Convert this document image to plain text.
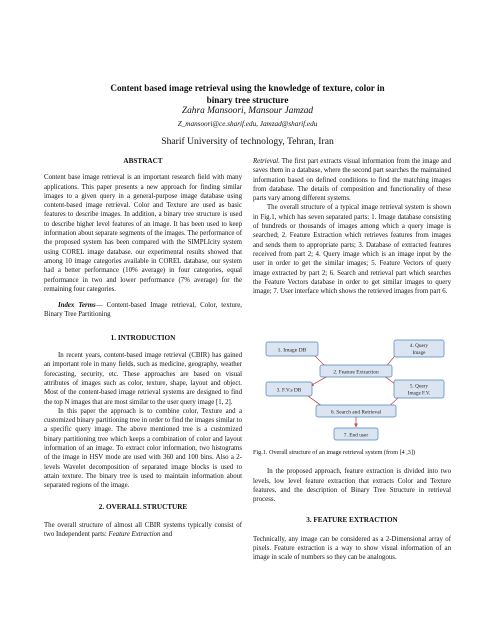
Content based image retrieval using the knowledge of texture, color in
binary tree structure
Zahra Mansoori, Mansour Jamzad
Z_mansoori@ce.sharif.edu, Jamzad@sharif.edu
Sharif University of technology, Tehran, Iran
ABSTRACT

Content base image retrieval is an important research field with many applications. This paper presents a new approach for finding similar images to a given query in a general-purpose image database using content-based image retrieval. Color and Texture are used as basic features to describe images. In addition, a binary tree structure is used to describe higher level features of an image. It has been used to keep information about separate segments of the images. The performance of the proposed system has been compared with the SIMPLIcity system using COREL image database. our experimental results showed that among 10 image categories available in COREL database, our system had a better performance (10% average) in four categories, equal performance in two and lower performance (7% average) for the remaining four categories.

Index Terms— Content-based Image retrieval, Color, texture, Binary Tree Partitioning

1. INTRODUCTION

In recent years, content-based image retrieval (CBIR) has gained an important role in many fields, such as medicine, geography, weather forecasting, security, etc. These approaches are based on visual attributes of images such as color, texture, shape, layout and object. Most of the content-based image retrieval systems are designed to find the top N images that are most similar to the user query image [1, 2].

In this paper the approach is to combine color, Texture and a customized binary partitioning tree in order to find the images similar to a specific query image. The above mentioned tree is a customized binary partitioning tree which keeps a combination of color and layout information of an image. To extract color information, two histograms of the image in HSV mode are used with 360 and 100 bins. Also a 2-levels Wavelet decomposition of separated image blocks is used to attain texture. The binary tree is used to maintain information about separated regions of the image.

2. OVERALL STRUCTURE

The overall structure of almost all CBIR systems typically consist of two Independent parts: Feature Extraction and

Retrieval. The first part extracts visual information from the image and saves them in a database, where the second part searches the maintained information based on defined conditions to find the matching images from database. The details of composition and functionality of these parts vary among different systems.

The overall structure of a typical image retrieval system is shown in Fig.1, which has seven separated parts: 1. Image database consisting of hundreds or thousands of images among which a query image is searched; 2. Feature Extraction which retrieves features from images and sends them to appropriate parts; 3. Database of extracted features received from part 2; 4. Query image which is an image input by the user in order to get the similar images; 5. Feature Vectors of query image extracted by part 2; 6. Search and retrieval part which searches the Feature Vectors database in order to get similar images to query image; 7. User interface which shows the retrieved images from part 6.

1. Image DB
4. Query
Image
2. Feature Extraction
3. F.V.s DB
5. Query
Image F.V.
6. Search and Retrieval
7. End user
Fig.1. Overall structure of an image retrieval system (from [4 ,3])

In the proposed approach, feature extraction is divided into two levels, low level feature extraction that extracts Color and Texture features, and the description of Binary Tree Structure in retrieval process.

3. FEATURE EXTRACTION

Technically, any image can be considered as a 2-Dimensional array of pixels. Feature extraction is a way to show visual information of an image in scale of numbers so they can be analogous.
